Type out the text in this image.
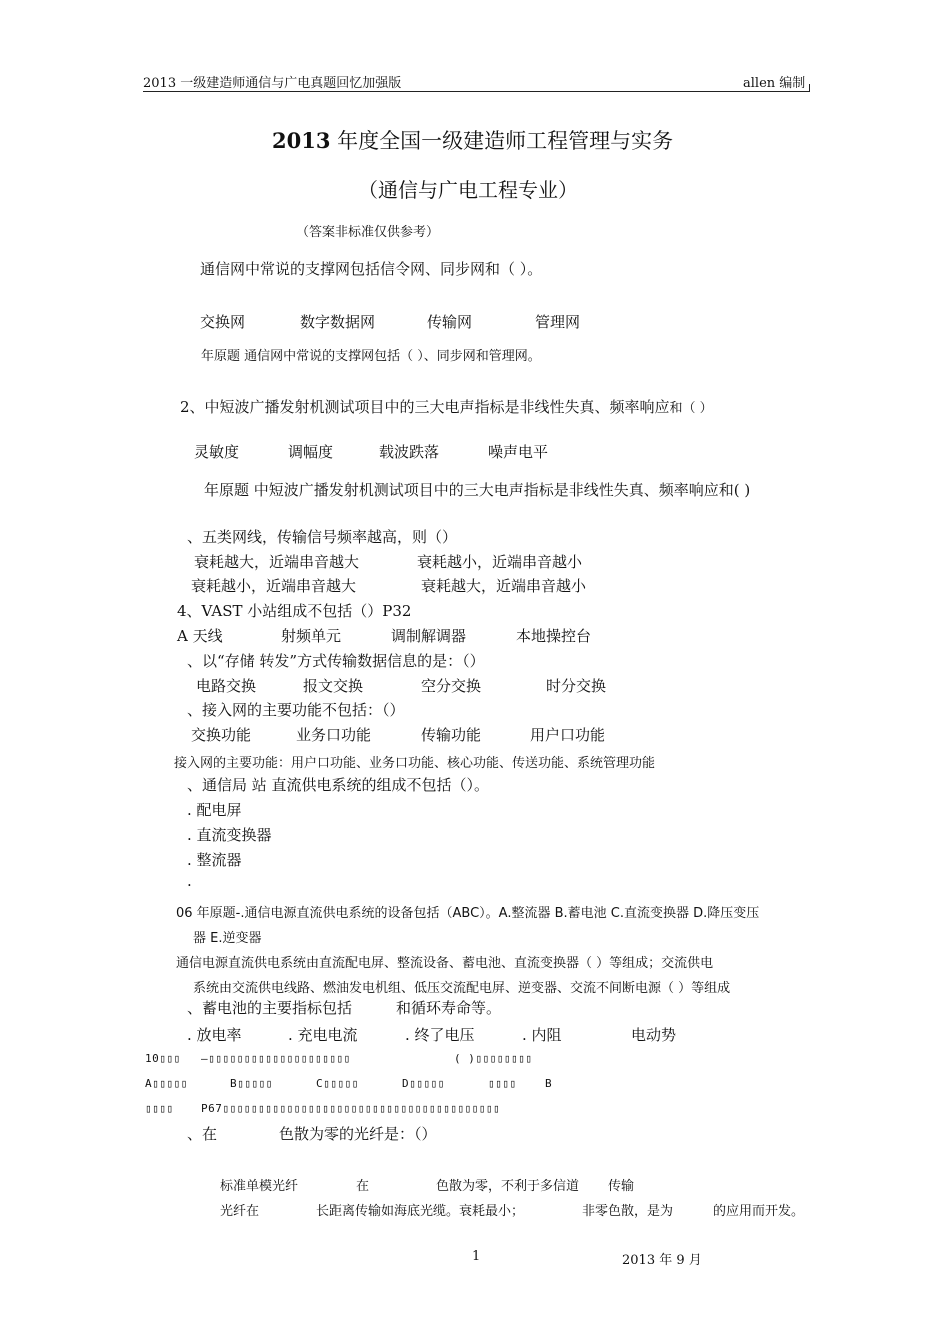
2013 一级建造师通信与广电真题回忆加强版	allen 编制
2013 年度全国一级建造师工程管理与实务
（通信与广电工程专业）
（答案非标准仅供参考）
通信网中常说的支撑网包括信令网、同步网和（ ）。
交换网	数字数据网	传输网	管理网
年原题 通信网中常说的支撑网包括（ ）、同步网和管理网。
2、中短波广播发射机测试项目中的三大电声指标是非线性失真、频率响应和（ ）
灵敏度	调幅度	载波跌落	噪声电平
年原题 中短波广播发射机测试项目中的三大电声指标是非线性失真、频率响应和( )
、五类网线，传输信号频率越高，则（）
衰耗越大，近端串音越大	衰耗越小，近端串音越小
衰耗越小，近端串音越大	衰耗越大，近端串音越小
4、VAST 小站组成不包括（）P32
A 天线	射频单元	调制解调器	本地操控台
、以“存储 转发”方式传输数据信息的是：（）
电路交换	报文交换	空分交换	时分交换
、接入网的主要功能不包括：（）
交换功能	业务口功能	传输功能	用户口功能
接入网的主要功能：用户口功能、业务口功能、核心功能、传送功能、系统管理功能
、通信局 站 直流供电系统的组成不包括（）。
. 配电屏
. 直流变换器
. 整流器
.
06 年原题-.通信电源直流供电系统的设备包括（ABC）。A.整流器 B.蓄电池 C.直流变换器 D.降压变压
器 E.逆变器
通信电源直流供电系统由直流配电屏、整流设备、蓄电池、直流变换器（ ）等组成；交流供电
系统由交流供电线路、燃油发电机组、低压交流配电屏、逆变器、交流不间断电源（ ）等组成
、蓄电池的主要指标包括	和循环寿命等。
. 放电率	. 充电电流	. 终了电压	. 内阻	电动势
10▯▯▯ —▯▯▯▯▯▯▯▯▯▯▯▯▯▯▯▯▯▯▯▯	( )▯▯▯▯▯▯▯▯
A▯▯▯▯▯	B▯▯▯▯▯	C▯▯▯▯▯	D▯▯▯▯▯	▯▯▯▯	B
▯▯▯▯	P67▯▯▯▯▯▯▯▯▯▯▯▯▯▯▯▯▯▯▯▯▯▯▯▯▯▯▯▯▯▯▯▯▯▯▯▯▯▯▯
、在	色散为零的光纤是：（）
标准单模光纤	在	色散为零，不利于多信道 传输
光纤在	长距离传输如海底光缆。衰耗最小；	非零色散，是为	的应用而开发。
1	2013 年 9 月
